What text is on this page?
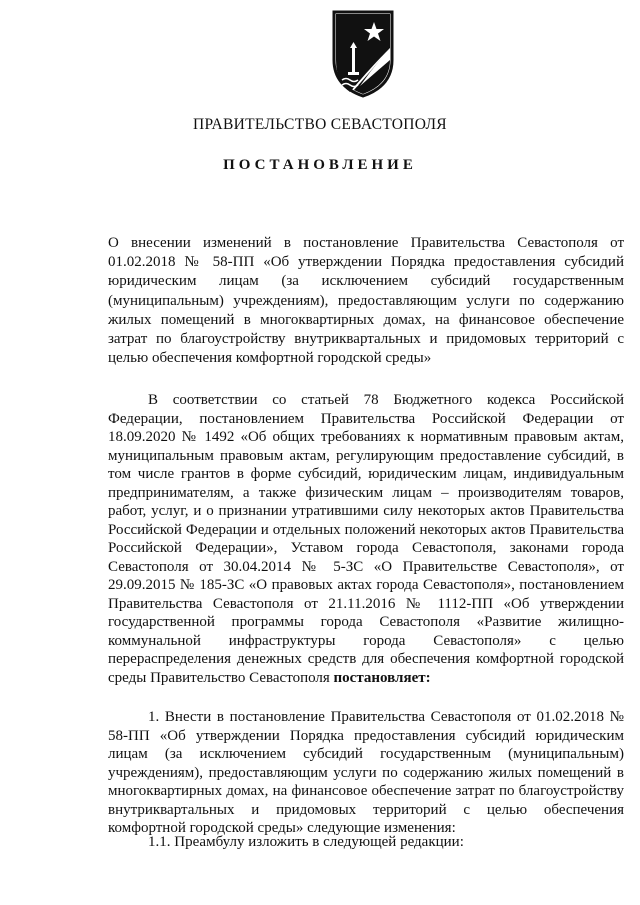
ПРАВИТЕЛЬСТВО СЕВАСТОПОЛЯ
ПОСТАНОВЛЕНИЕ
О внесении изменений в постановление Правительства Севастополя от 01.02.2018 № 58-ПП «Об утверждении Порядка предоставления субсидий юридическим лицам (за исключением субсидий государственным (муниципальным) учреждениям), предоставляющим услуги по содержанию жилых помещений в многоквартирных домах, на финансовое обеспечение затрат по благоустройству внутриквартальных и придомовых территорий с целью обеспечения комфортной городской среды»
В соответствии со статьей 78 Бюджетного кодекса Российской Федерации, постановлением Правительства Российской Федерации от 18.09.2020 № 1492 «Об общих требованиях к нормативным правовым актам, муниципальным правовым актам, регулирующим предоставление субсидий, в том числе грантов в форме субсидий, юридическим лицам, индивидуальным предпринимателям, а также физическим лицам – производителям товаров, работ, услуг, и о признании утратившими силу некоторых актов Правительства Российской Федерации и отдельных положений некоторых актов Правительства Российской Федерации», Уставом города Севастополя, законами города Севастополя от 30.04.2014 № 5-ЗС «О Правительстве Севастополя», от 29.09.2015 № 185-ЗС «О правовых актах города Севастополя», постановлением Правительства Севастополя от 21.11.2016 № 1112-ПП «Об утверждении государственной программы города Севастополя «Развитие жилищно-коммунальной инфраструктуры города Севастополя» с целью перераспределения денежных средств для обеспечения комфортной городской среды Правительство Севастополя постановляет:
1. Внести в постановление Правительства Севастополя от 01.02.2018 № 58-ПП «Об утверждении Порядка предоставления субсидий юридическим лицам (за исключением субсидий государственным (муниципальным) учреждениям), предоставляющим услуги по содержанию жилых помещений в многоквартирных домах, на финансовое обеспечение затрат по благоустройству внутриквартальных и придомовых территорий с целью обеспечения комфортной городской среды» следующие изменения:
1.1. Преамбулу изложить в следующей редакции:
